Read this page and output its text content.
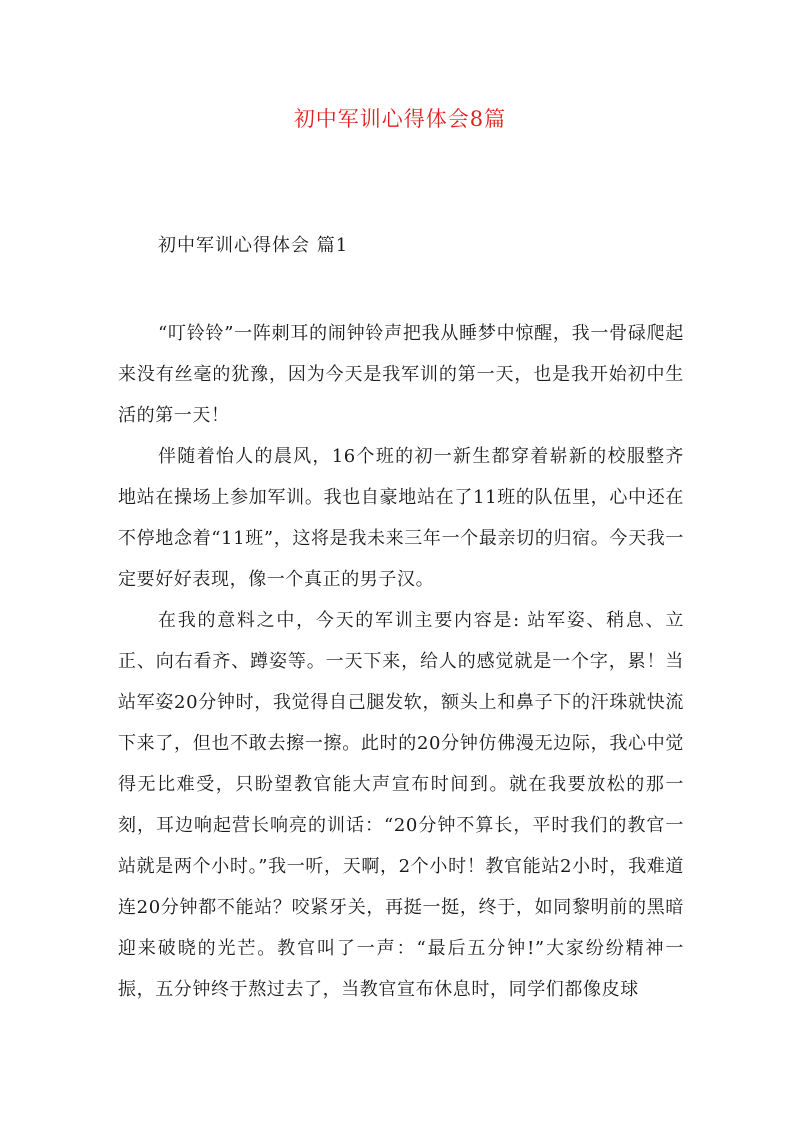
初中军训心得体会8篇
初中军训心得体会 篇1

“叮铃铃”一阵刺耳的闹钟铃声把我从睡梦中惊醒，我一骨碌爬起来没有丝毫的犹豫，因为今天是我军训的第一天，也是我开始初中生活的第一天！

伴随着怡人的晨风，16个班的初一新生都穿着崭新的校服整齐地站在操场上参加军训。我也自豪地站在了11班的队伍里，心中还在不停地念着“11班”，这将是我未来三年一个最亲切的归宿。今天我一定要好好表现，像一个真正的男子汉。

在我的意料之中，今天的军训主要内容是: 站军姿、稍息、立正、向右看齐、蹲姿等。一天下来，给人的感觉就是一个字，累！当站军姿20分钟时，我觉得自己腿发软，额头上和鼻子下的汗珠就快流下来了，但也不敢去擦一擦。此时的20分钟仿佛漫无边际，我心中觉得无比难受，只盼望教官能大声宣布时间到。就在我要放松的那一刻，耳边响起营长响亮的训话：“20分钟不算长，平时我们的教官一站就是两个小时。”我一听，天啊，2个小时！教官能站2小时，我难道连20分钟都不能站？咬紧牙关，再挺一挺，终于，如同黎明前的黑暗迎来破晓的光芒。教官叫了一声：“最后五分钟!”大家纷纷精神一振，五分钟终于熬过去了，当教官宣布休息时，同学们都像皮球
